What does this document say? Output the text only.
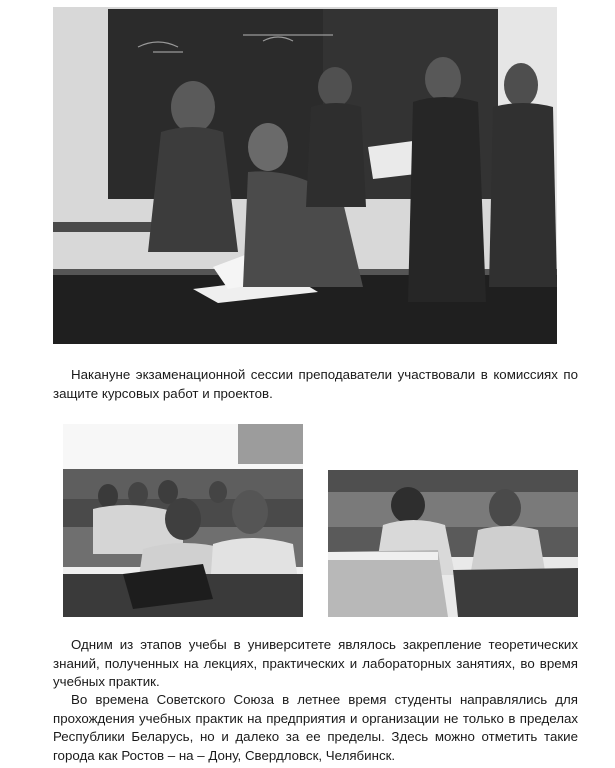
Накануне экзаменационной сессии преподаватели участвовали в комиссиях по защите курсовых работ и проектов.

Одним из этапов учебы в университете являлось закрепление теоретических знаний, полученных на лекциях, практических и лабораторных занятиях, во время учебных практик.

Во времена Советского Союза в летнее время студенты направлялись для прохождения учебных практик на предприятия и организации не только в пределах Республики Беларусь, но и далеко за ее пределы. Здесь можно отметить такие города как Ростов – на – Дону, Свердловск, Челябинск.
